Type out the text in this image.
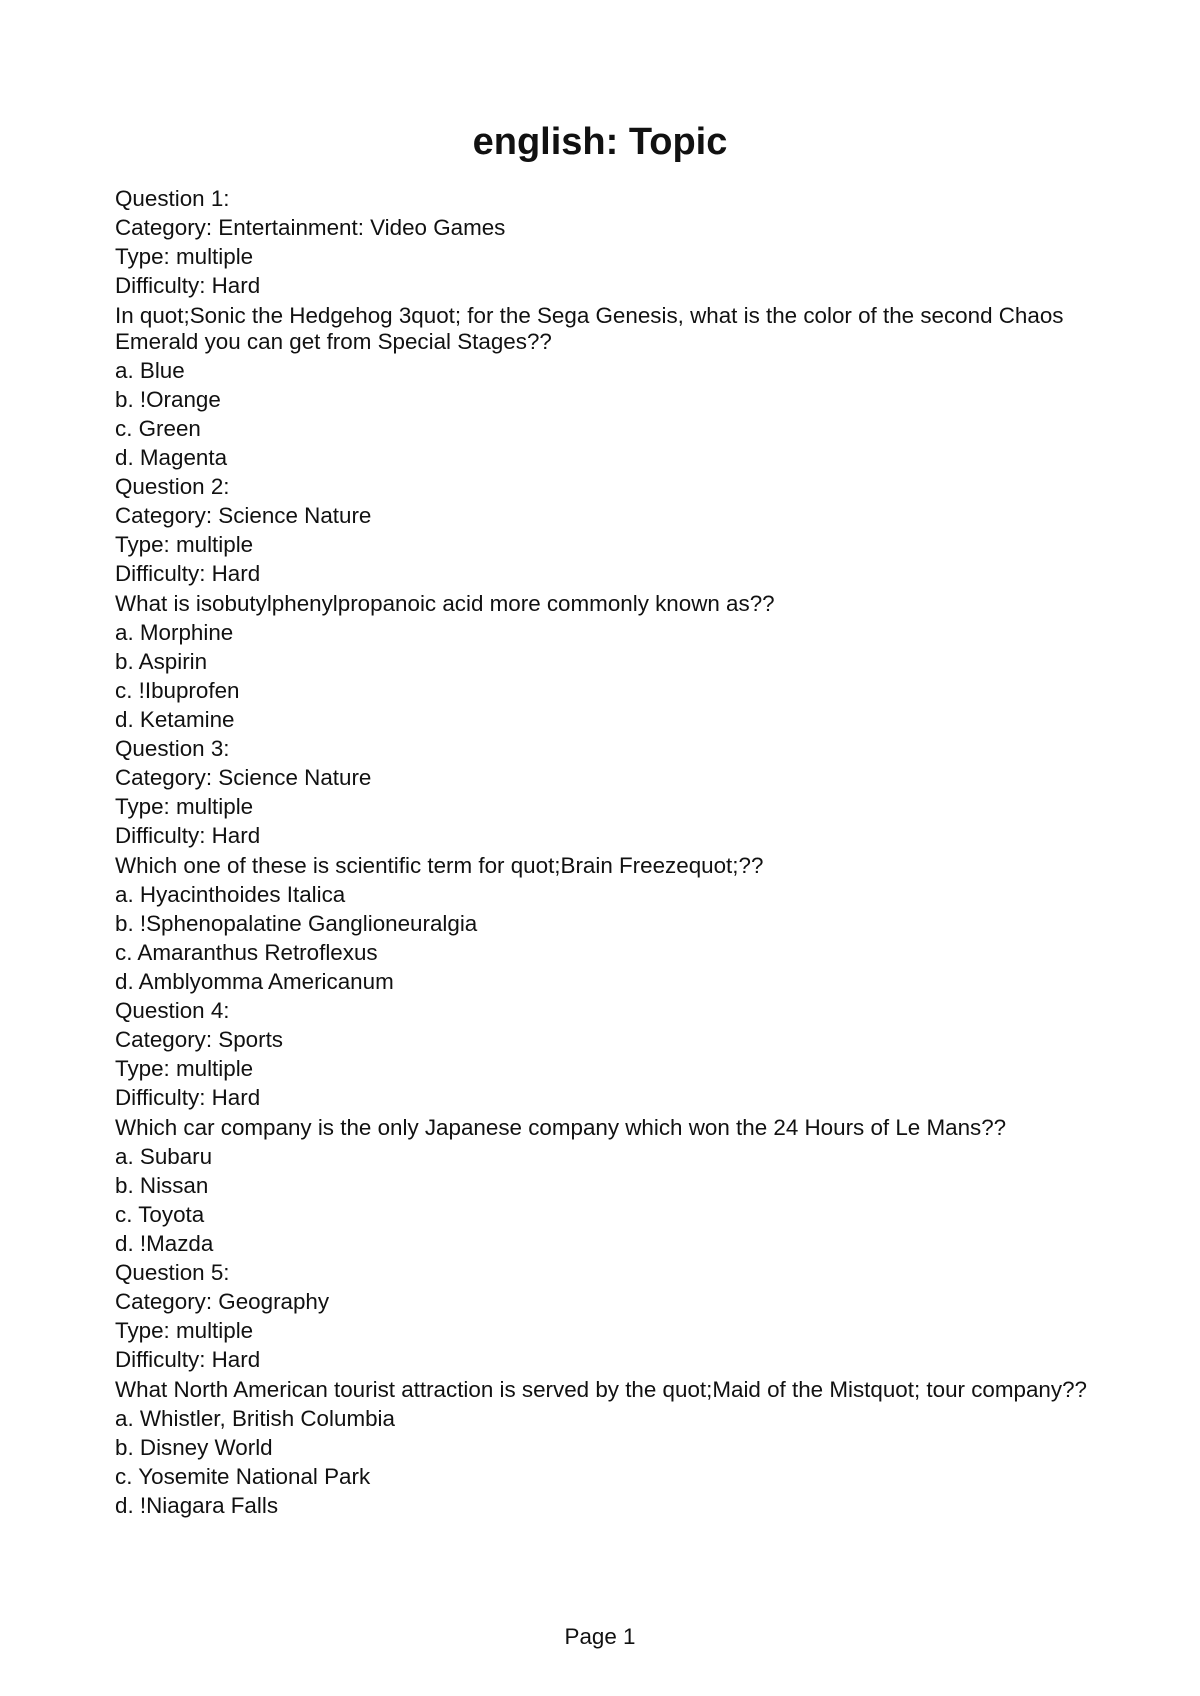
english: Topic
Question 1:
Category: Entertainment: Video Games
Type: multiple
Difficulty: Hard
In quot;Sonic the Hedgehog 3quot; for the Sega Genesis, what is the color of the second Chaos Emerald you can get from Special Stages??
a. Blue
b. !Orange
c. Green
d. Magenta
Question 2:
Category: Science Nature
Type: multiple
Difficulty: Hard
What is isobutylphenylpropanoic acid more commonly known as??
a. Morphine
b. Aspirin
c. !Ibuprofen
d. Ketamine
Question 3:
Category: Science Nature
Type: multiple
Difficulty: Hard
Which one of these is scientific term for quot;Brain Freezequot;??
a. Hyacinthoides Italica
b. !Sphenopalatine Ganglioneuralgia
c. Amaranthus Retroflexus
d. Amblyomma Americanum
Question 4:
Category: Sports
Type: multiple
Difficulty: Hard
Which car company is the only Japanese company which won the 24 Hours of Le Mans??
a. Subaru
b. Nissan
c. Toyota
d. !Mazda
Question 5:
Category: Geography
Type: multiple
Difficulty: Hard
What North American tourist attraction is served by the quot;Maid of the Mistquot; tour company??
a. Whistler, British Columbia
b. Disney World
c. Yosemite National Park
d. !Niagara Falls
Page 1
